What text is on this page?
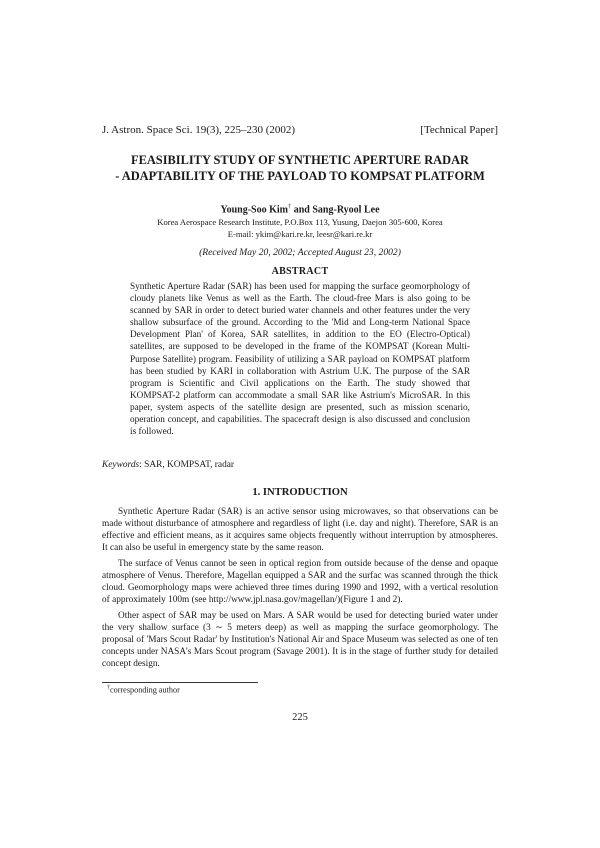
J. Astron. Space Sci. 19(3), 225–230 (2002)	[Technical Paper]
FEASIBILITY STUDY OF SYNTHETIC APERTURE RADAR
- ADAPTABILITY OF THE PAYLOAD TO KOMPSAT PLATFORM
Young-Soo Kim† and Sang-Ryool Lee
Korea Aerospace Research Institute, P.O.Box 113, Yusung, Daejon 305-600, Korea
E-mail: ykim@kari.re.kr, leesr@kari.re.kr
(Received May 20, 2002; Accepted August 23, 2002)
ABSTRACT
Synthetic Aperture Radar (SAR) has been used for mapping the surface geomorphology of cloudy planets like Venus as well as the Earth. The cloud-free Mars is also going to be scanned by SAR in order to detect buried water channels and other features under the very shallow subsurface of the ground. According to the 'Mid and Long-term National Space Development Plan' of Korea, SAR satellites, in addition to the EO (Electro-Optical) satellites, are supposed to be developed in the frame of the KOMPSAT (Korean Multi-Purpose Satellite) program. Feasibility of utilizing a SAR payload on KOMPSAT platform has been studied by KARI in collaboration with Astrium U.K. The purpose of the SAR program is Scientific and Civil applications on the Earth. The study showed that KOMPSAT-2 platform can accommodate a small SAR like Astrium's MicroSAR. In this paper, system aspects of the satellite design are presented, such as mission scenario, operation concept, and capabilities. The spacecraft design is also discussed and conclusion is followed.
Keywords: SAR, KOMPSAT, radar
1. INTRODUCTION

Synthetic Aperture Radar (SAR) is an active sensor using microwaves, so that observations can be made without disturbance of atmosphere and regardless of light (i.e. day and night). Therefore, SAR is an effective and efficient means, as it acquires same objects frequently without interruption by atmospheres. It can also be useful in emergency state by the same reason.

The surface of Venus cannot be seen in optical region from outside because of the dense and opaque atmosphere of Venus. Therefore, Magellan equipped a SAR and the surfac was scanned through the thick cloud. Geomorphology maps were achieved three times during 1990 and 1992, with a vertical resolution of approximately 100m (see http://www.jpl.nasa.gov/magellan/)(Figure 1 and 2).

Other aspect of SAR may be used on Mars. A SAR would be used for detecting buried water under the very shallow surface (3 ∼ 5 meters deep) as well as mapping the surface geomorphology. The proposal of 'Mars Scout Radar' by Institution's National Air and Space Museum was selected as one of ten concepts under NASA's Mars Scout program (Savage 2001). It is in the stage of further study for detailed concept design.

†corresponding author
225
